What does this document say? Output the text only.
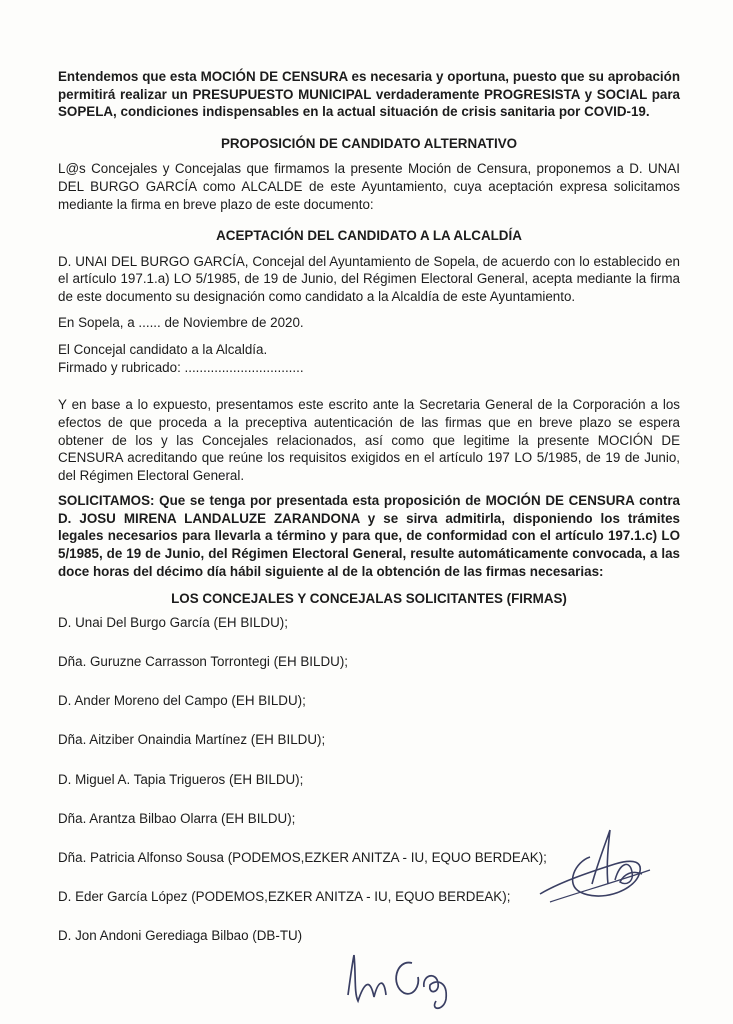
Entendemos que esta MOCIÓN DE CENSURA es necesaria y oportuna, puesto que su aprobación permitirá realizar un PRESUPUESTO MUNICIPAL verdaderamente PROGRESISTA y SOCIAL para SOPELA, condiciones indispensables en la actual situación de crisis sanitaria por COVID-19.

PROPOSICIÓN DE CANDIDATO ALTERNATIVO

L@s Concejales y Concejalas que firmamos la presente Moción de Censura, proponemos a D. UNAI DEL BURGO GARCÍA como ALCALDE de este Ayuntamiento, cuya aceptación expresa solicitamos mediante la firma en breve plazo de este documento:

ACEPTACIÓN DEL CANDIDATO A LA ALCALDÍA

D. UNAI DEL BURGO GARCÍA, Concejal del Ayuntamiento de Sopela, de acuerdo con lo establecido en el artículo 197.1.a) LO 5/1985, de 19 de Junio, del Régimen Electoral General, acepta mediante la firma de este documento su designación como candidato a la Alcaldía de este Ayuntamiento.

En Sopela, a ...... de Noviembre de 2020.

El Concejal candidato a la Alcaldía.

Firmado y rubricado: ................................

Y en base a lo expuesto, presentamos este escrito ante la Secretaria General de la Corporación a los efectos de que proceda a la preceptiva autenticación de las firmas que en breve plazo se espera obtener de los y las Concejales relacionados, así como que legitime la presente MOCIÓN DE CENSURA acreditando que reúne los requisitos exigidos en el artículo 197 LO 5/1985, de 19 de Junio, del Régimen Electoral General.

SOLICITAMOS: Que se tenga por presentada esta proposición de MOCIÓN DE CENSURA contra D. JOSU MIRENA LANDALUZE ZARANDONA y se sirva admitirla, disponiendo los trámites legales necesarios para llevarla a término y para que, de conformidad con el artículo 197.1.c) LO 5/1985, de 19 de Junio, del Régimen Electoral General, resulte automáticamente convocada, a las doce horas del décimo día hábil siguiente al de la obtención de las firmas necesarias:

LOS CONCEJALES Y CONCEJALAS SOLICITANTES (FIRMAS)

D. Unai Del Burgo García (EH BILDU);
Dña. Guruzne Carrasson Torrontegi (EH BILDU);
D. Ander Moreno del Campo (EH BILDU);
Dña. Aitziber Onaindia Martínez (EH BILDU);
D. Miguel A. Tapia Trigueros (EH BILDU);
Dña. Arantza Bilbao Olarra (EH BILDU);
Dña. Patricia Alfonso Sousa (PODEMOS,EZKER ANITZA - IU, EQUO BERDEAK);
D. Eder García López (PODEMOS,EZKER ANITZA - IU, EQUO BERDEAK);
D. Jon Andoni Gerediaga Bilbao (DB-TU)
